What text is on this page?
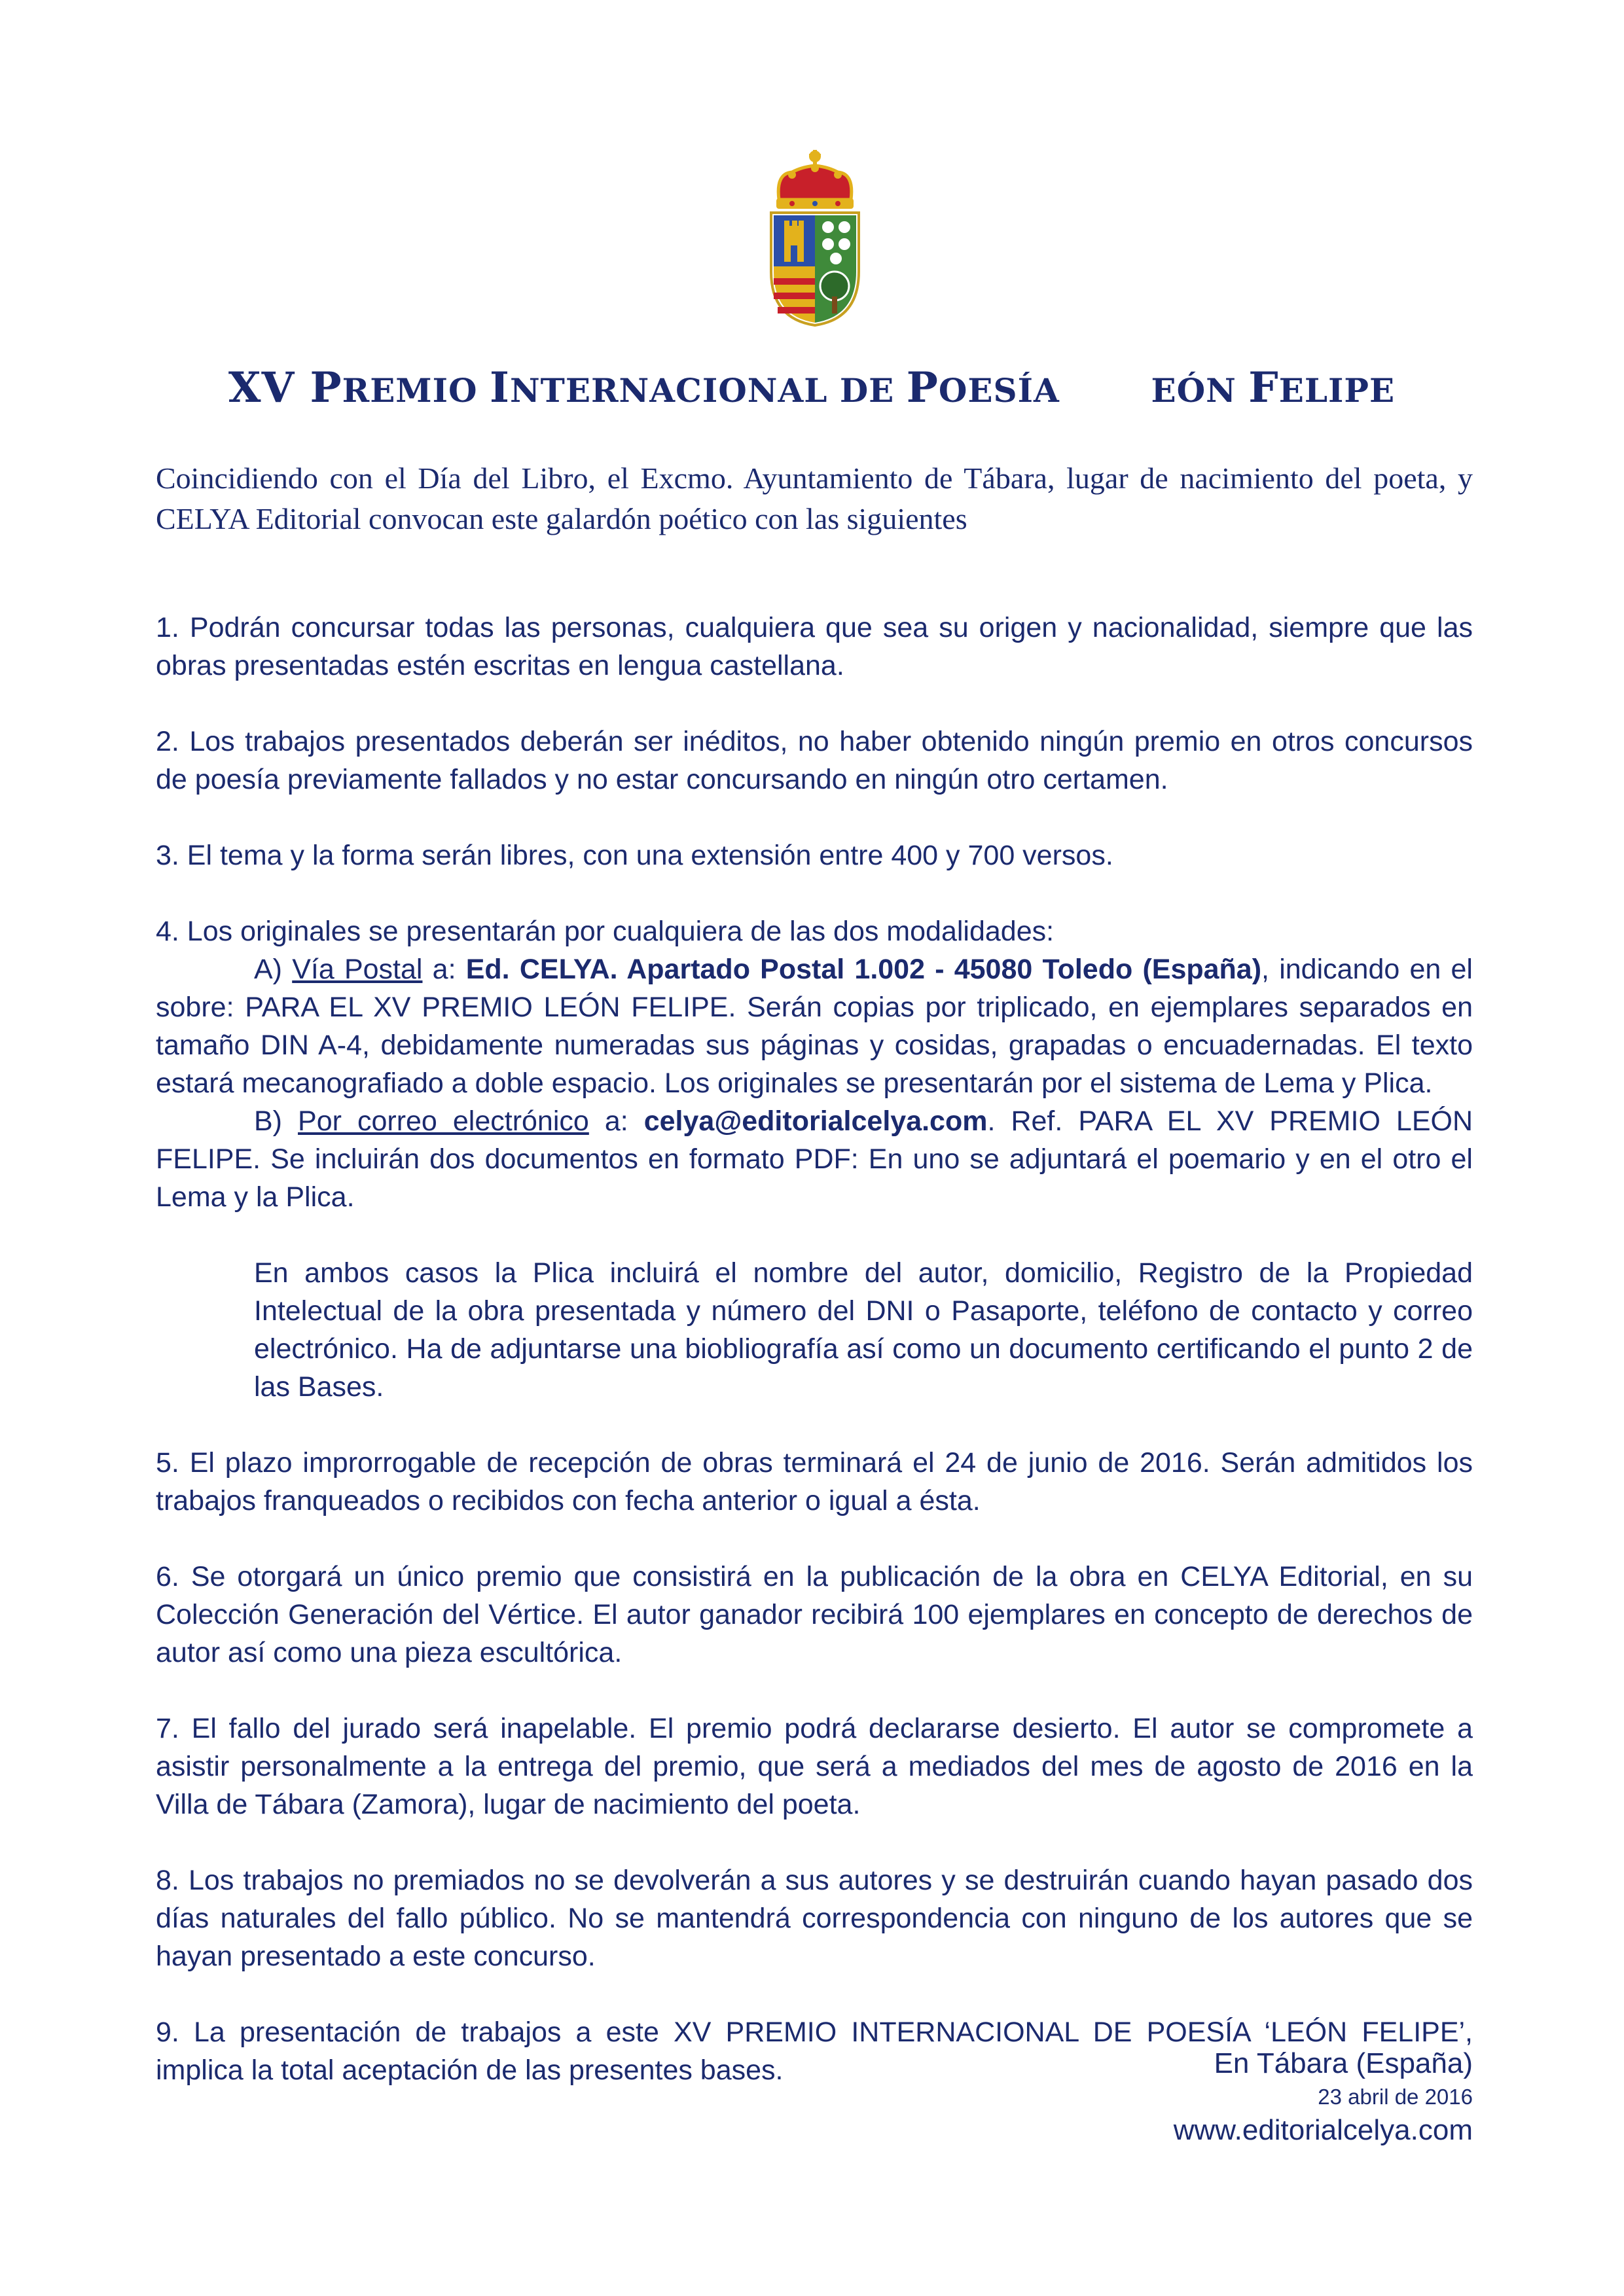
XV PREMIO INTERNACIONAL DE POESÍA	EÓN FELIPE
Coincidiendo con el Día del Libro, el Excmo. Ayuntamiento de Tábara, lugar de nacimiento del poeta, y CELYA Editorial convocan este galardón poético con las siguientes

1. Podrán concursar todas las personas, cualquiera que sea su origen y nacionalidad, siempre que las obras presentadas estén escritas en lengua castellana.

2. Los trabajos presentados deberán ser inéditos, no haber obtenido ningún premio en otros concursos de poesía previamente fallados y no estar concursando en ningún otro certamen.

3. El tema y la forma serán libres, con una extensión entre 400 y 700 versos.

4. Los originales se presentarán por cualquiera de las dos modalidades:

A) Vía Postal a: Ed. CELYA. Apartado Postal 1.002 - 45080 Toledo (España), indicando en el sobre: PARA EL XV PREMIO LEÓN FELIPE. Serán copias por triplicado, en ejemplares separados en tamaño DIN A-4, debidamente numeradas sus páginas y cosidas, grapadas o encuadernadas. El texto estará mecanografiado a doble espacio. Los originales se presentarán por el sistema de Lema y Plica.

B) Por correo electrónico a: celya@editorialcelya.com. Ref. PARA EL XV PREMIO LEÓN FELIPE. Se incluirán dos documentos en formato PDF: En uno se adjuntará el poemario y en el otro el Lema y la Plica.

En ambos casos la Plica incluirá el nombre del autor, domicilio, Registro de la Propiedad Intelectual de la obra presentada y número del DNI o Pasaporte, teléfono de contacto y correo electrónico. Ha de adjuntarse una biobliografía así como un documento certificando el punto 2 de las Bases.

5. El plazo improrrogable de recepción de obras terminará el 24 de junio de 2016. Serán admitidos los trabajos franqueados o recibidos con fecha anterior o igual a ésta.

6. Se otorgará un único premio que consistirá en la publicación de la obra en CELYA Editorial, en su Colección Generación del Vértice. El autor ganador recibirá 100 ejemplares en concepto de derechos de autor así como una pieza escultórica.

7. El fallo del jurado será inapelable. El premio podrá declararse desierto. El autor se compromete a asistir personalmente a la entrega del premio, que será a mediados del mes de agosto de 2016 en la Villa de Tábara (Zamora), lugar de nacimiento del poeta.

8. Los trabajos no premiados no se devolverán a sus autores y se destruirán cuando hayan pasado dos días naturales del fallo público. No se mantendrá correspondencia con ninguno de los autores que se hayan presentado a este concurso.

9. La presentación de trabajos a este XV PREMIO INTERNACIONAL DE POESÍA ‘LEÓN FELIPE’, implica la total aceptación de las presentes bases.	En Tábara (España)
23 abril de 2016
www.editorialcelya.com
